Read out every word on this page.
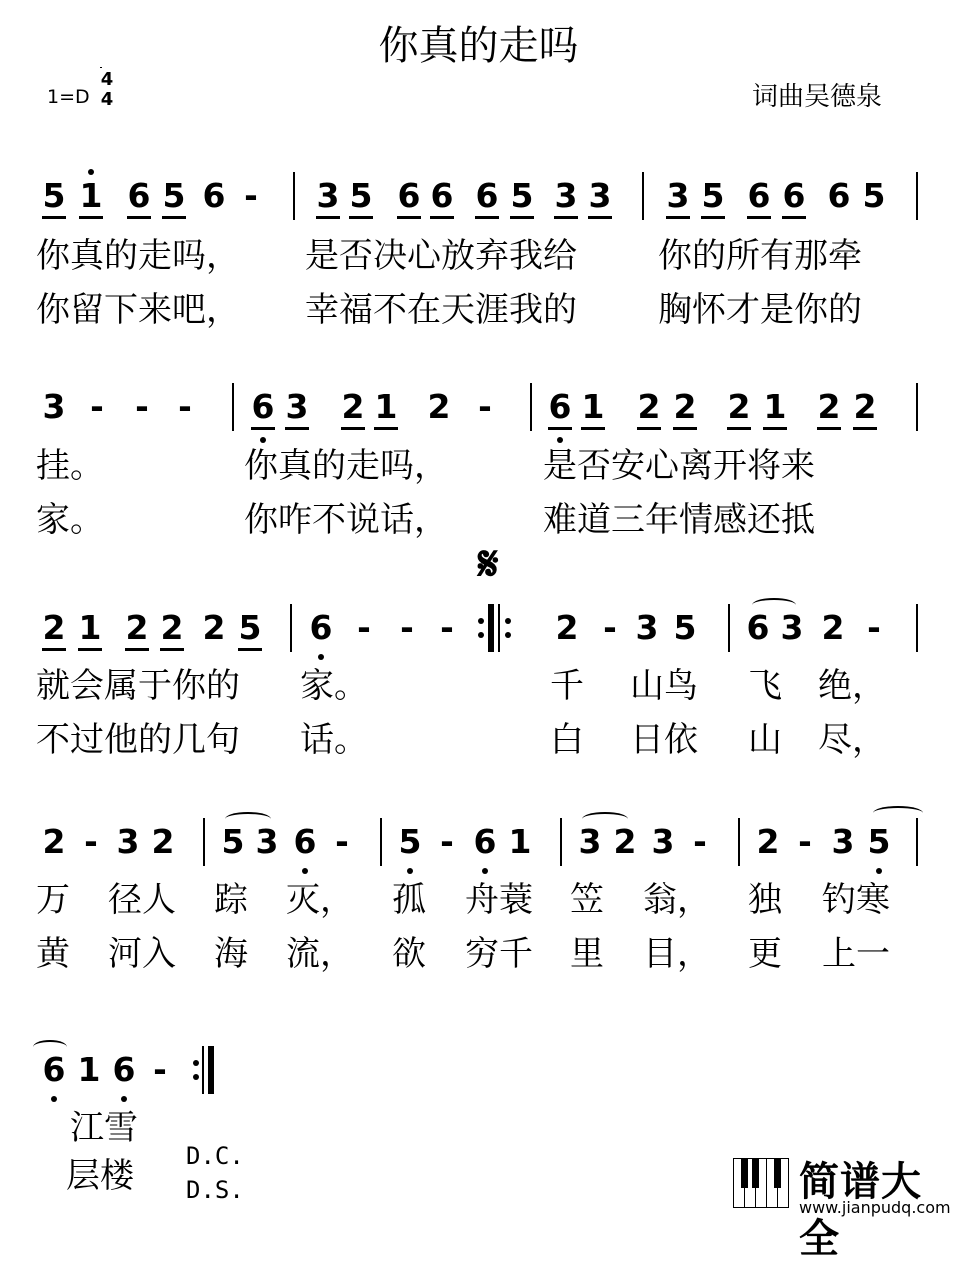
你真的走吗
1=D
4
4	词曲吴德泉
5 1 6 5 6 - 3 5 6 6 6 5 3 3 3 5 6 6 6 5
你真的走吗， 是否决心放弃我给 你的所有那牵
你留下来吧， 幸福不在天涯我的 胸怀才是你的
3 - - - 6 3 2 1 2 - 6 1 2 2 2 1 2 2
挂。	你真的走吗，	是否安心离开将来
家。	你咋不说话，	难道三年情感还抵
𝄋
2 1 2 2 2 5 6 - - -	2 - 3 5 6 3 2 -
就会属于你的 家。	千 山鸟 飞 绝，
不过他的几句 话。	白 日依 山 尽，
2 - 3 2 5 3 6 - 5 - 6 1 3 2 3 - 2 - 3 5
万 径人 踪 灭， 孤 舟蓑 笠 翁， 独 钓寒
黄 河入 海 流， 欲 穷千 里 目， 更 上一
6 1 6 -
江雪
层楼 D.C.
D.S.	简谱大全
www.jianpudq.com
